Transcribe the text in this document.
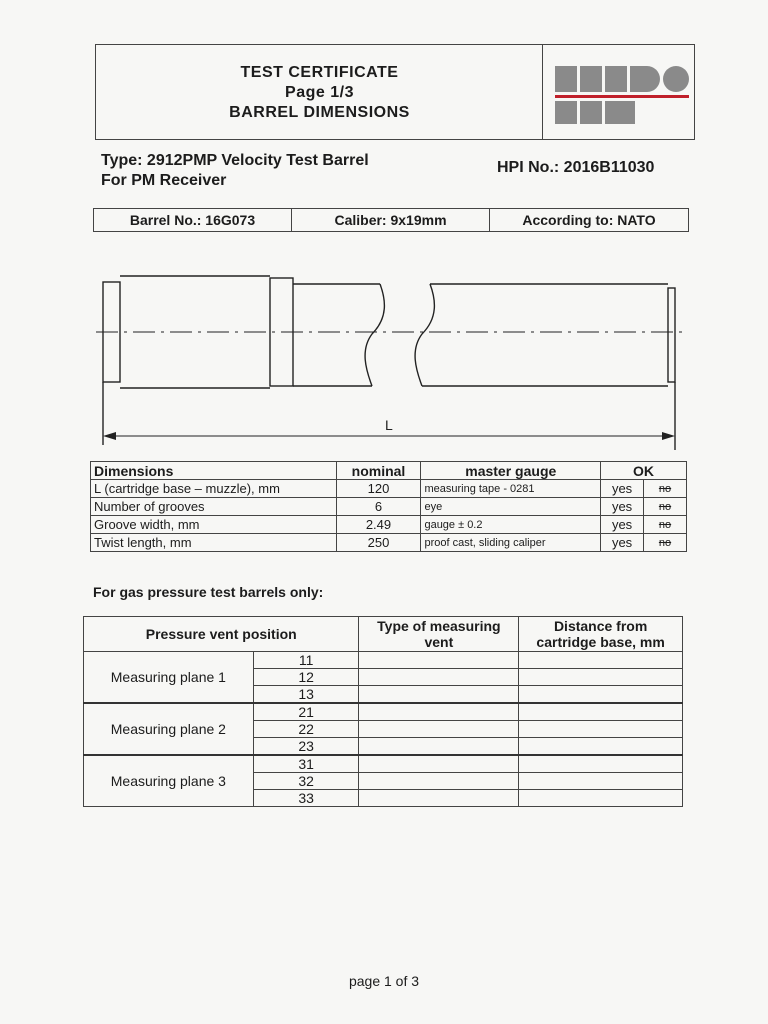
TEST CERTIFICATE
Page 1/3
BARREL DIMENSIONS
Type: 2912PMP Velocity Test Barrel
For PM Receiver
HPI No.: 2016B11030
Barrel No.: 16G073	Caliber: 9x19mm	According to: NATO
L
Dimensions	nominal	master gauge	OK	
L (cartridge base – muzzle), mm	120	measuring tape - 0281	yes	no
Number of grooves	6	eye	yes	no
Groove width, mm	2.49	gauge ± 0.2	yes	no
Twist length, mm	250	proof cast, sliding caliper	yes	no
For gas pressure test barrels only:
Pressure vent position		Type of measuring vent	Distance from cartridge base, mm
Measuring plane 1	11		
	12		
	13		
Measuring plane 2	21		
	22		
	23		
Measuring plane 3	31		
	32		
	33		
page 1 of 3
